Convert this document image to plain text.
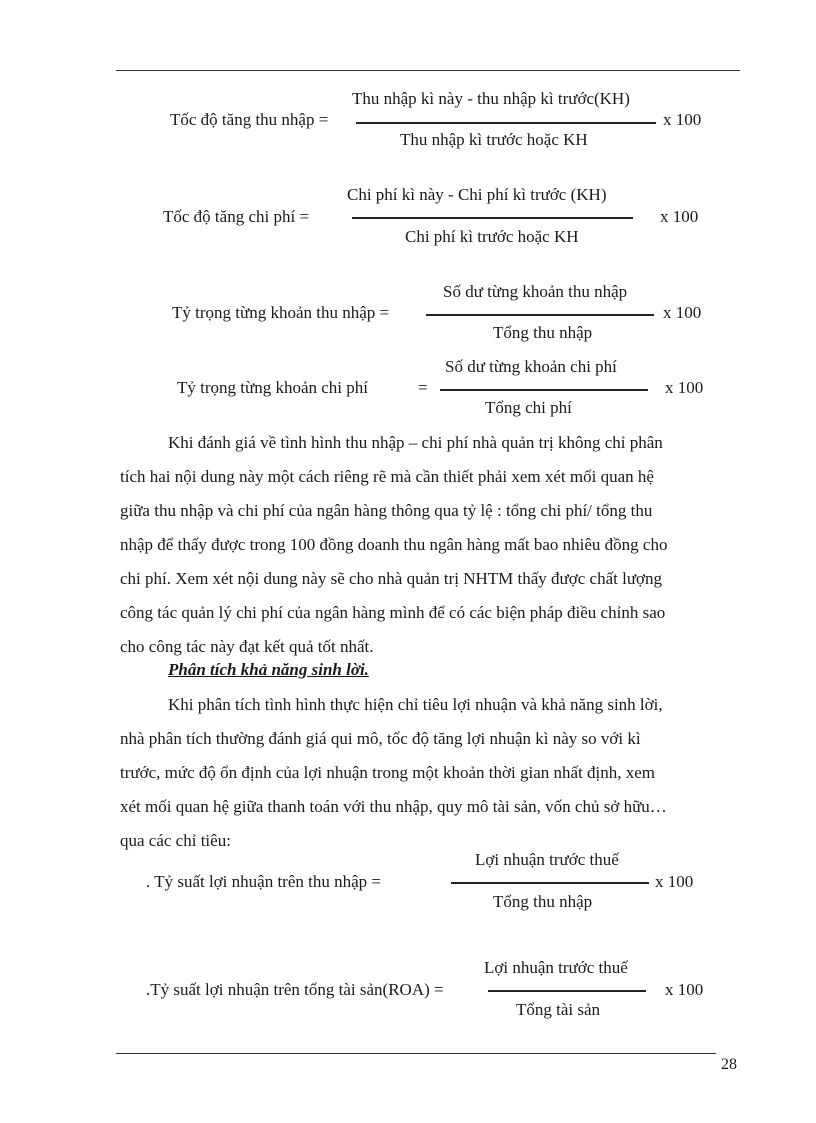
Tốc độ tăng thu nhập =
Thu nhập kì này - thu nhập kì trước(KH)
Thu nhập kì trước hoặc KH
x 100
Tốc độ tăng chi phí =
Chi phí kì này - Chi phí kì trước (KH)
Chi phí kì trước hoặc KH
x 100
Tỷ trọng từng khoản thu nhập =
Số dư từng khoản thu nhập
Tổng thu nhập
x 100
Tỷ trọng từng khoản chi phí	=
Số dư từng khoản chi phí
Tổng chi phí
x 100
Khi đánh giá về tình hình thu nhập – chi phí nhà quản trị không chỉ phân
tích hai nội dung này một cách riêng rẽ mà cần thiết phải xem xét mối quan hệ
giữa thu nhập và chi phí của ngân hàng thông qua tỷ lệ : tổng chi phí/ tổng thu
nhập để thấy được trong 100 đồng doanh thu ngân hàng mất bao nhiêu đồng cho
chi phí. Xem xét nội dung này sẽ cho nhà quản trị NHTM thấy được chất lượng
công tác quản lý chi phí của ngân hàng mình để có các biện pháp điều chỉnh sao
cho công tác này đạt kết quả tốt nhất.
Phân tích khả năng sinh lời.
Khi phân tích tình hình thực hiện chỉ tiêu lợi nhuận và khả năng sinh lời,
nhà phân tích thường đánh giá qui mô, tốc độ tăng lợi nhuận kì này so với kì
trước, mức độ ổn định của lợi nhuận trong một khoản thời gian nhất định, xem
xét mối quan hệ giữa thanh toán với thu nhập, quy mô tài sản, vốn chủ sở hữu…
qua các chỉ tiêu:
. Tỷ suất lợi nhuận trên thu nhập =
Lợi nhuận trước thuế
Tổng thu nhập
x 100
.Tỷ suất lợi nhuận trên tổng tài sản(ROA) =
Lợi nhuận trước thuế
Tổng tài sản
x 100
28
